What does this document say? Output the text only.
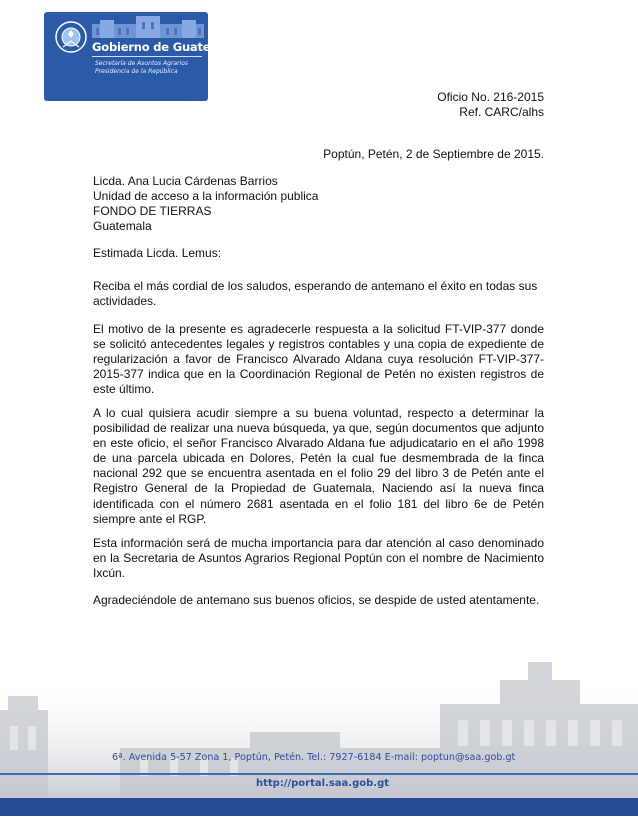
Gobierno de Guatemala
Secretaría de Asuntos Agrarios
Presidencia de la República
Oficio No. 216-2015
Ref. CARC/alhs
Poptún, Petén, 2 de Septiembre de 2015.
Licda. Ana Lucia Cárdenas Barrios
Unidad de acceso a la información publica
FONDO DE TIERRAS
Guatemala
Estimada Licda. Lemus:
Reciba el más cordial de los saludos, esperando de antemano el éxito en todas sus actividades.
El motivo de la presente es agradecerle respuesta a la solicitud FT-VIP-377 donde se solicitó antecedentes legales y registros contables y una copia de expediente de regularización a favor de Francisco Alvarado Aldana cuya resolución FT-VIP-377-2015-377 indica que en la Coordinación Regional de Petén no existen registros de este último.
A lo cual quisiera acudir siempre a su buena voluntad, respecto a determinar la posibilidad de realizar una nueva búsqueda, ya que, según documentos que adjunto en este oficio, el señor Francisco Alvarado Aldana fue adjudicatario en el año 1998 de una parcela ubicada en Dolores, Petén la cual fue desmembrada de la finca nacional 292 que se encuentra asentada en el folio 29 del libro 3 de Petén ante el Registro General de la Propiedad de Guatemala, Naciendo así la nueva finca identificada con el número 2681 asentada en el folio 181 del libro 6e de Petén siempre ante el RGP.
Esta información será de mucha importancia para dar atención al caso denominado en la Secretaria de Asuntos Agrarios Regional Poptún con el nombre de Nacimiento Ixcún.
Agradeciéndole de antemano sus buenos oficios, se despide de usted atentamente.
6ª. Avenida 5-57 Zona 1, Poptún, Petén. Tel.: 7927-6184 E-mail: poptun@saa.gob.gt
http://portal.saa.gob.gt
